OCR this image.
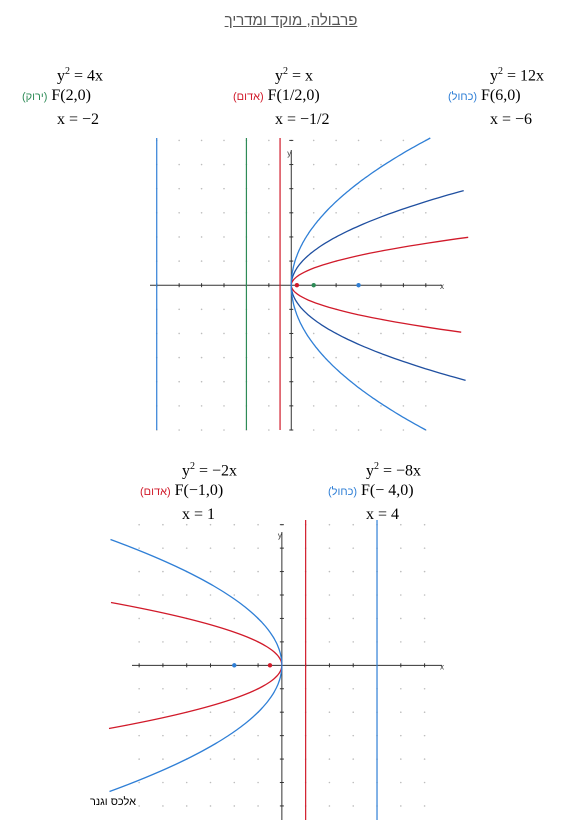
פרבולה, מוקד ומדריך
$y^2 = 4x$
(ירוק) F(2,0)
x = −2
$y^2 = x$
(אדום) F(1/2,0)
x = −1/2
$y^2 = 12x$
(כחול) F(6,0)
x = −6
x
y
$y^2 = -2x$
(אדום) F(−1,0)
x = 1
$y^2 = -8x$
(כחול) F(− 4,0)
x = 4
x
y
אלכס וגנר
